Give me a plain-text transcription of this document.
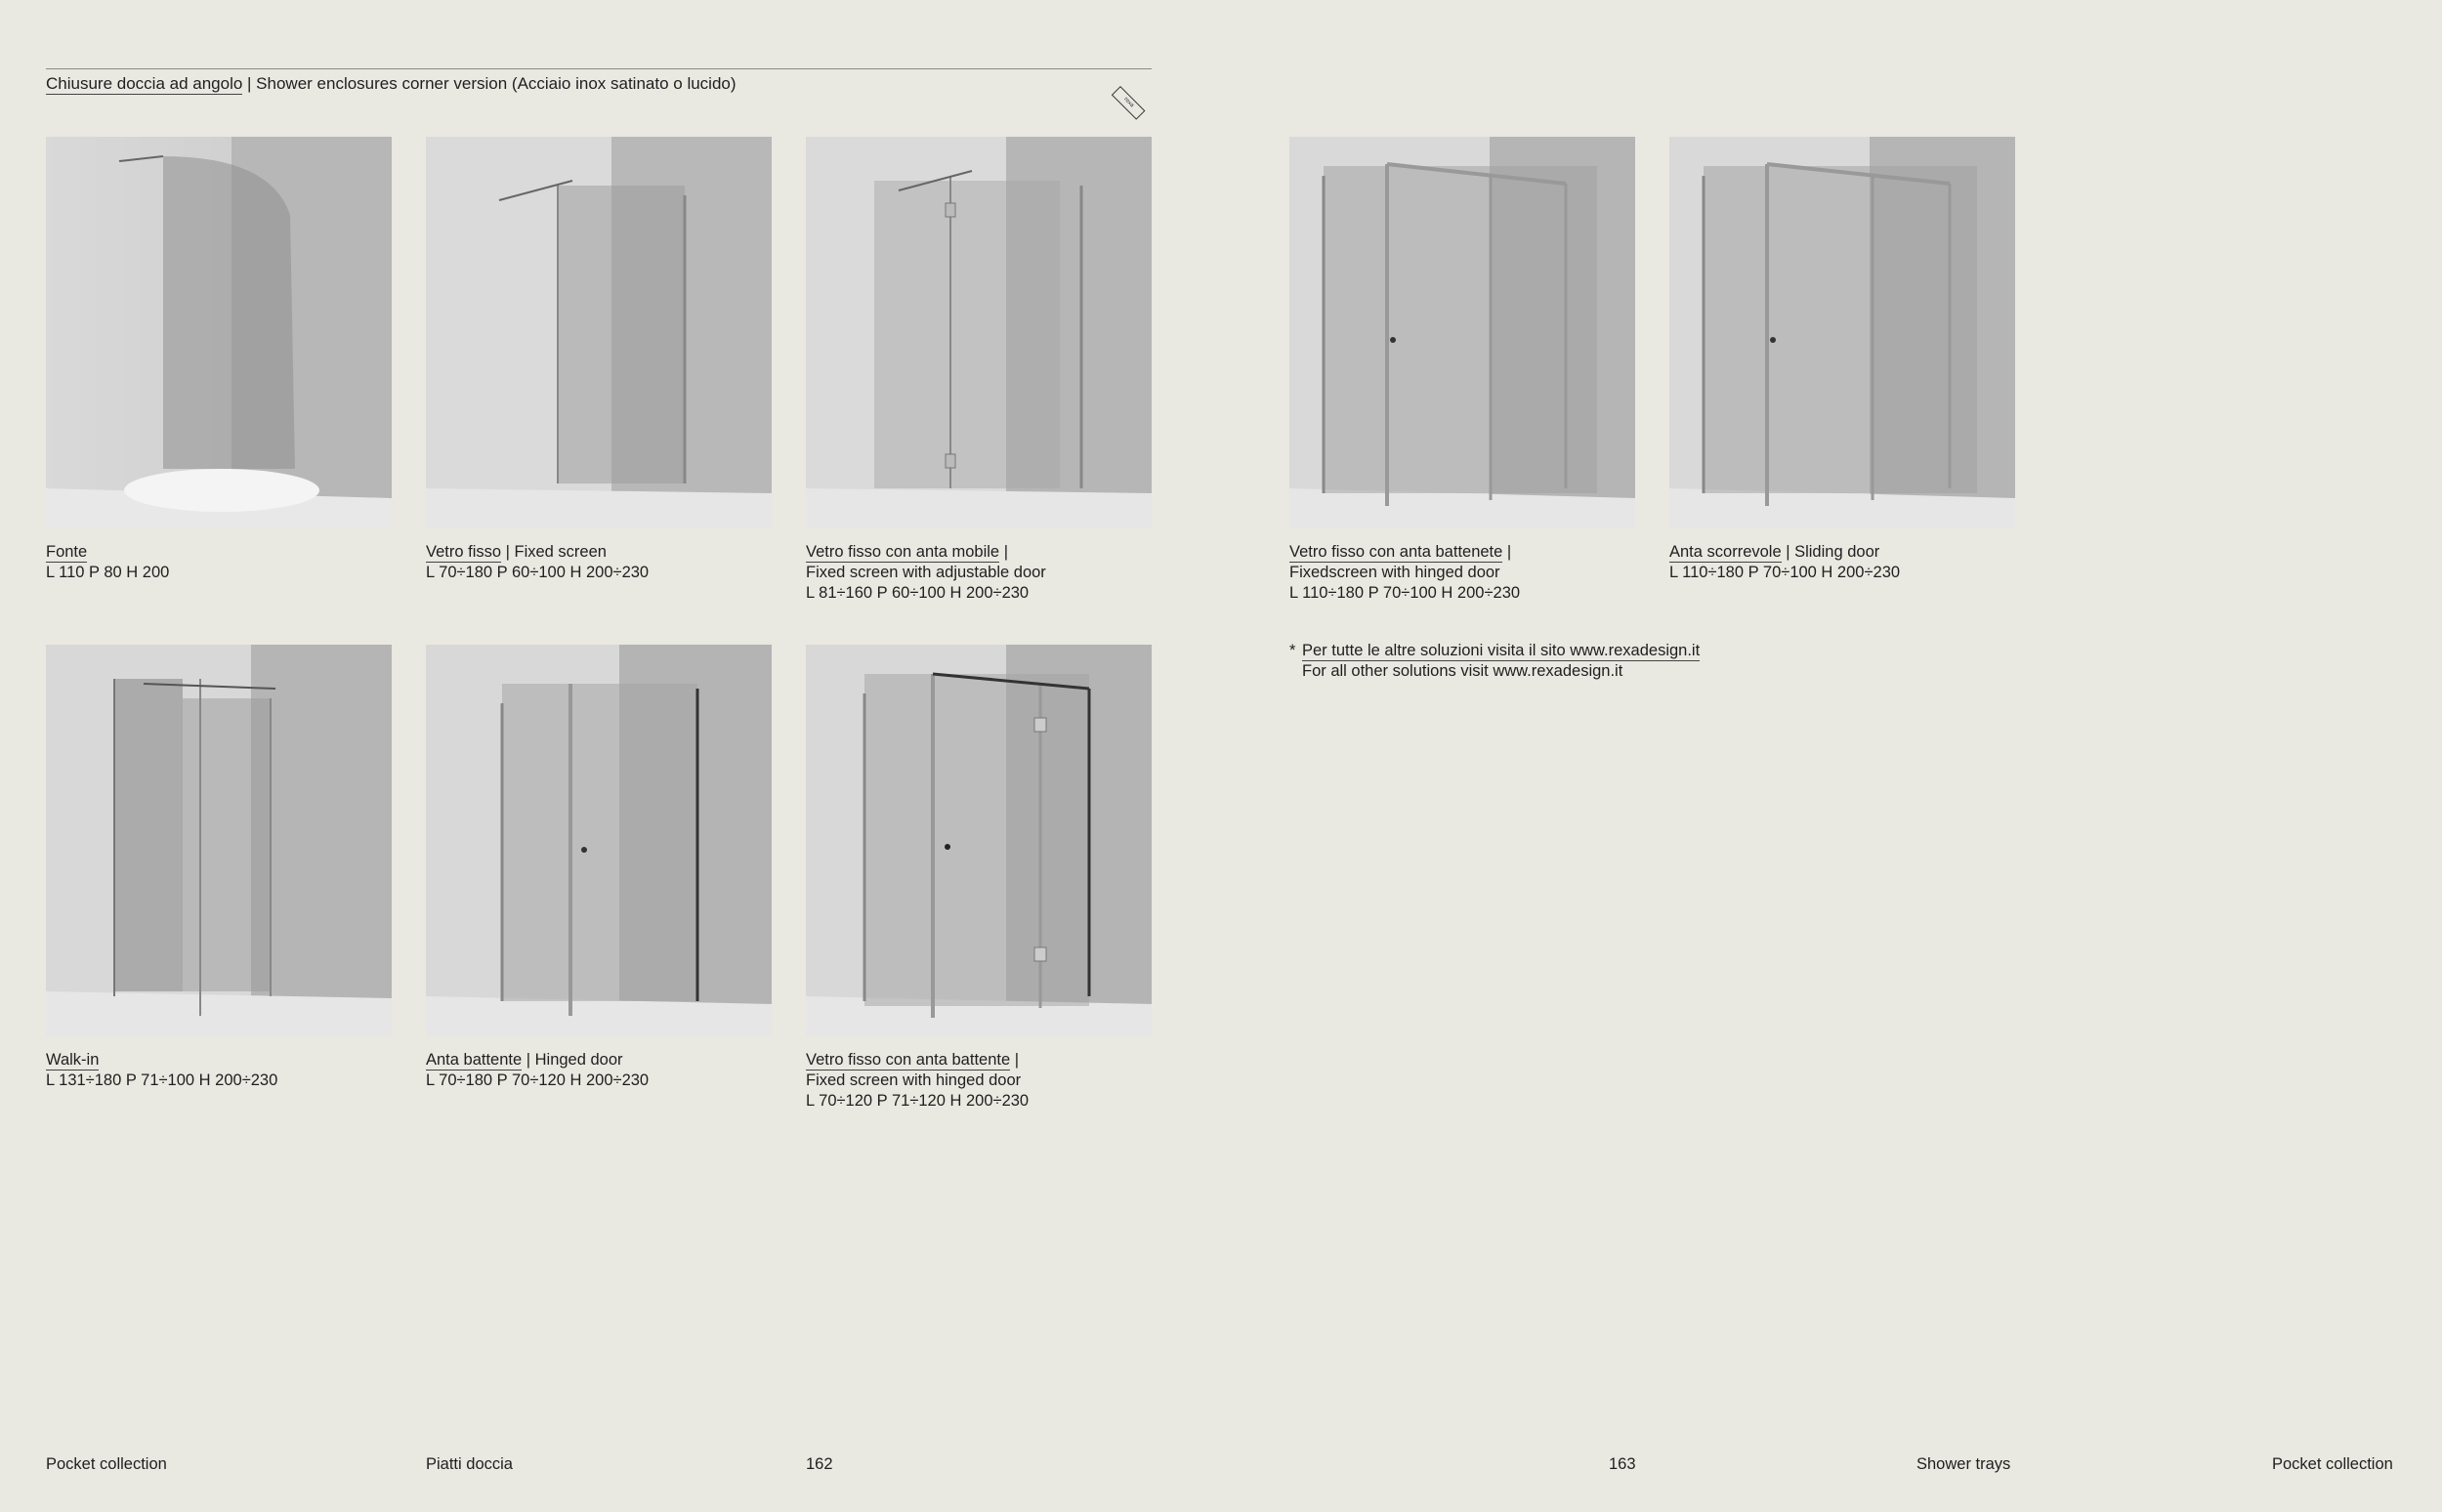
Chiusure doccia ad angolo | Shower enclosures corner version (Acciaio inox satinato o lucido)
rexa
Fonte
L 110 P 80 H 200
Vetro fisso | Fixed screen
L 70÷180 P 60÷100 H 200÷230
Vetro fisso con anta mobile |
Fixed screen with adjustable door
L 81÷160 P 60÷100 H 200÷230
Vetro fisso con anta battenete |
Fixedscreen with hinged door
L 110÷180 P 70÷100 H 200÷230
Anta scorrevole | Sliding door
L 110÷180 P 70÷100 H 200÷230
Walk-in
L 131÷180 P 71÷100 H 200÷230
Anta battente | Hinged door
L 70÷180 P 70÷120 H 200÷230
Vetro fisso con anta battente |
Fixed screen with hinged door
L 70÷120 P 71÷120 H 200÷230
* Per tutte le altre soluzioni visita il sito www.rexadesign.it
For all other solutions visit www.rexadesign.it
Pocket collection	Piatti doccia	162	163	Shower trays	Pocket collection
